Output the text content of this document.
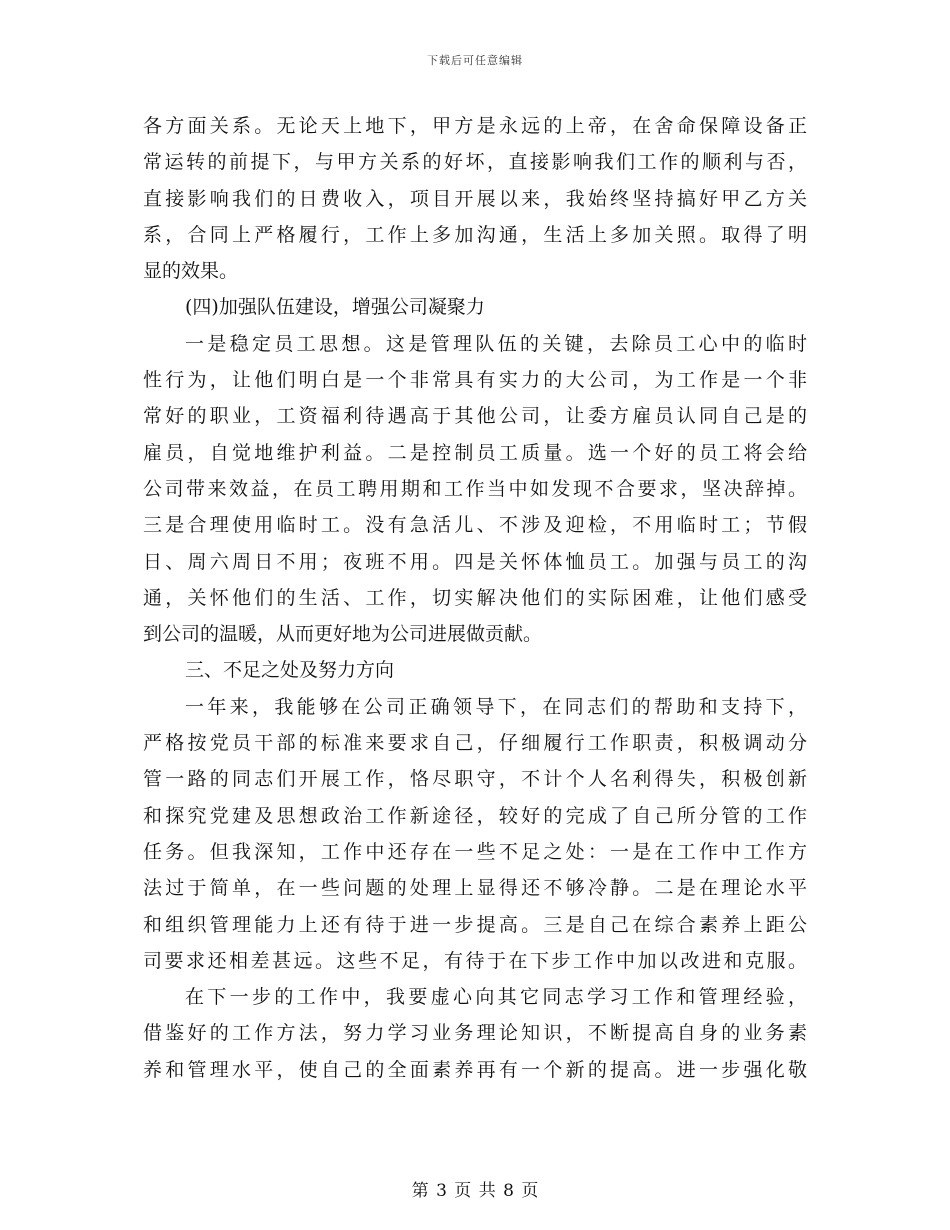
下载后可任意编辑
各方面关系。无论天上地下，甲方是永远的上帝，在舍命保障设备正
常运转的前提下，与甲方关系的好坏，直接影响我们工作的顺利与否，
直接影响我们的日费收入，项目开展以来，我始终坚持搞好甲乙方关
系，合同上严格履行，工作上多加沟通，生活上多加关照。取得了明
显的效果。
(四)加强队伍建设，增强公司凝聚力
一是稳定员工思想。这是管理队伍的关键，去除员工心中的临时
性行为，让他们明白是一个非常具有实力的大公司，为工作是一个非
常好的职业，工资福利待遇高于其他公司，让委方雇员认同自己是的
雇员，自觉地维护利益。二是控制员工质量。选一个好的员工将会给
公司带来效益，在员工聘用期和工作当中如发现不合要求，坚决辞掉。
三是合理使用临时工。没有急活儿、不涉及迎检，不用临时工；节假
日、周六周日不用；夜班不用。四是关怀体恤员工。加强与员工的沟
通，关怀他们的生活、工作，切实解决他们的实际困难，让他们感受
到公司的温暖，从而更好地为公司进展做贡献。
三、不足之处及努力方向
一年来，我能够在公司正确领导下，在同志们的帮助和支持下，
严格按党员干部的标准来要求自己，仔细履行工作职责，积极调动分
管一路的同志们开展工作，恪尽职守，不计个人名利得失，积极创新
和探究党建及思想政治工作新途径，较好的完成了自己所分管的工作
任务。但我深知，工作中还存在一些不足之处：一是在工作中工作方
法过于简单，在一些问题的处理上显得还不够冷静。二是在理论水平
和组织管理能力上还有待于进一步提高。三是自己在综合素养上距公
司要求还相差甚远。这些不足，有待于在下步工作中加以改进和克服。
在下一步的工作中，我要虚心向其它同志学习工作和管理经验，
借鉴好的工作方法，努力学习业务理论知识，不断提高自身的业务素
养和管理水平，使自己的全面素养再有一个新的提高。进一步强化敬
第 3 页 共 8 页
